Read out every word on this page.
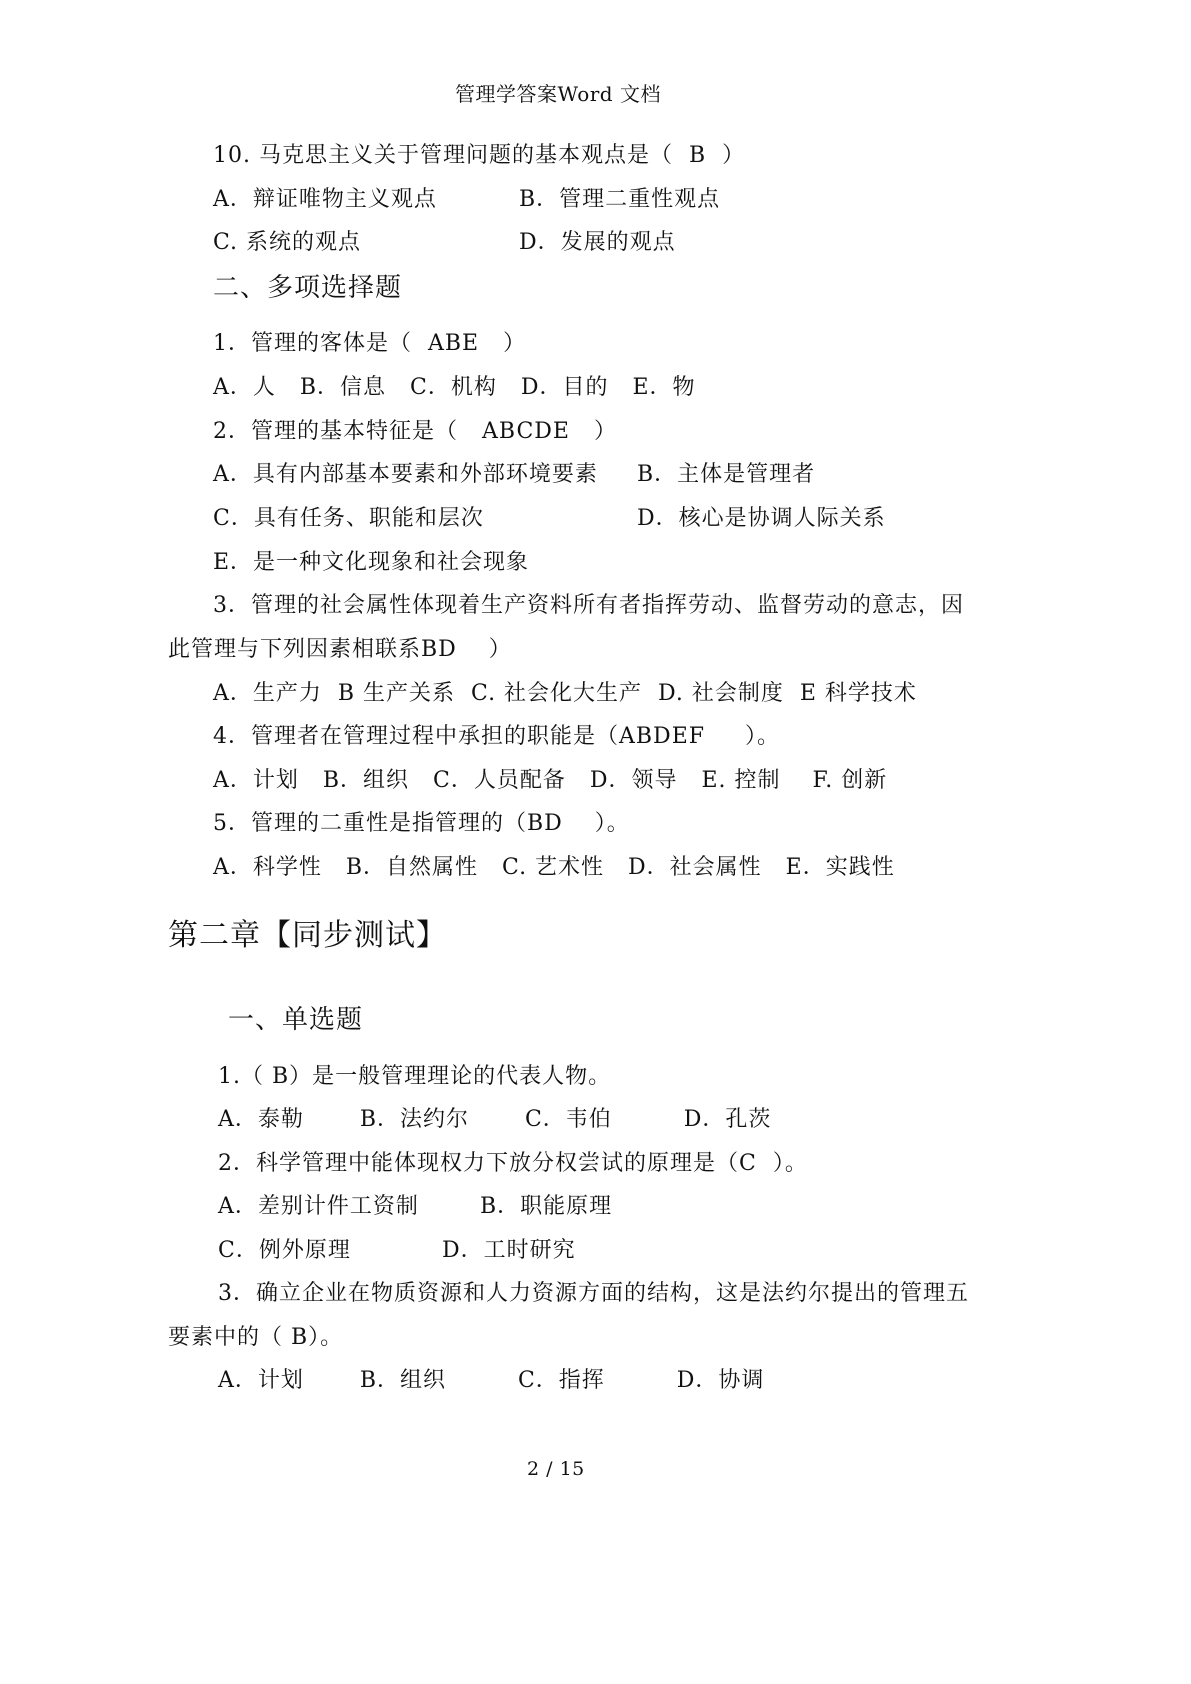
管理学答案Word 文档
10. 马克思主义关于管理问题的基本观点是（  B  ）
A．辩证唯物主义观点	B．管理二重性观点
C. 系统的观点	D．发展的观点
二、多项选择题
1．管理的客体是（  ABE   ）
A．人   B．信息   C．机构   D．目的   E．物
2．管理的基本特征是（   ABCDE   ）
A．具有内部基本要素和外部环境要素 B．主体是管理者
C．具有任务、职能和层次	D．核心是协调人际关系
E．是一种文化现象和社会现象
3．管理的社会属性体现着生产资料所有者指挥劳动、监督劳动的意志，因
此管理与下列因素相联系BD    ）
A．生产力  B 生产关系  C. 社会化大生产  D. 社会制度  E 科学技术
4．管理者在管理过程中承担的职能是（ABDEF     ）。
A．计划   B．组织   C．人员配备   D．领导   E. 控制    F. 创新
5．管理的二重性是指管理的（BD    ）。
A．科学性   B．自然属性   C. 艺术性   D．社会属性   E．实践性
第二章【同步测试】
一、单选题
1.（ B）是一般管理理论的代表人物。
A．泰勒       B．法约尔       C．韦伯         D．孔茨
2．科学管理中能体现权力下放分权尝试的原理是（C  ）。
A．差别计件工资制	B．职能原理
C．例外原理	D．工时研究
3．确立企业在物质资源和人力资源方面的结构，这是法约尔提出的管理五
要素中的（ B）。
A．计划       B．组织         C．指挥         D．协调
2 / 15
